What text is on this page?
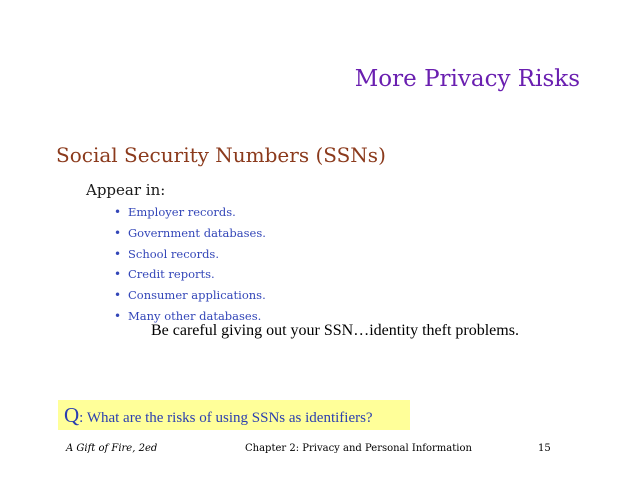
More Privacy Risks
Social Security Numbers (SSNs)
Appear in:
• Employer records.
• Government databases.
• School records.
• Credit reports.
• Consumer applications.
• Many other databases.
Be careful giving out your SSN…identity theft problems.
Q: What are the risks of using SSNs as identifiers?
A Gift of Fire, 2ed	Chapter 2: Privacy and Personal Information	15
